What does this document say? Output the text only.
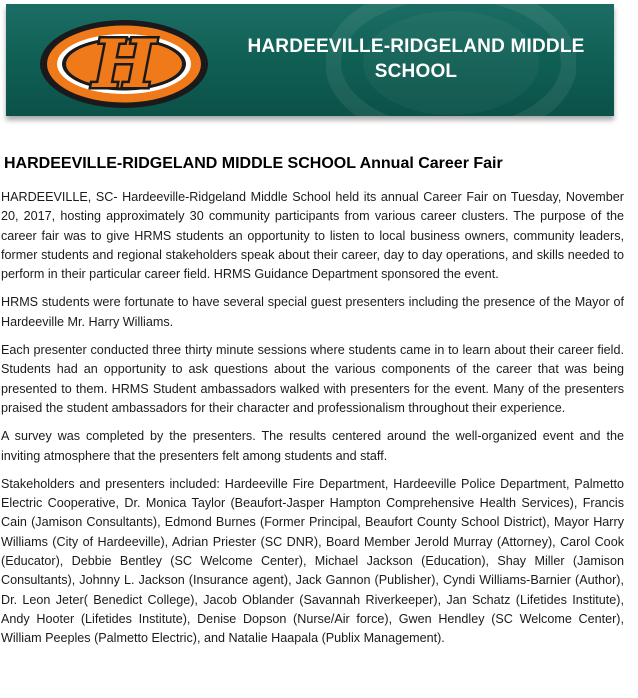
H	HARDEEVILLE-RIDGELAND MIDDLE
SCHOOL
HARDEEVILLE-RIDGELAND MIDDLE SCHOOL Annual Career Fair

HARDEEVILLE, SC- Hardeeville-Ridgeland Middle School held its annual Career Fair on Tuesday, November 20, 2017, hosting approximately 30 community participants from various career clusters. The purpose of the career fair was to give HRMS students an opportunity to listen to local business owners, community leaders, former students and regional stakeholders speak about their career, day to day operations, and skills needed to perform in their particular career field. HRMS Guidance Department sponsored the event.

HRMS students were fortunate to have several special guest presenters including the presence of the Mayor of Hardeeville Mr. Harry Williams.

Each presenter conducted three thirty minute sessions where students came in to learn about their career field. Students had an opportunity to ask questions about the various components of the career that was being presented to them. HRMS Student ambassadors walked with presenters for the event. Many of the presenters praised the student ambassadors for their character and professionalism throughout their experience.

A survey was completed by the presenters. The results centered around the well-organized event and the inviting atmosphere that the presenters felt among students and staff.

Stakeholders and presenters included: Hardeeville Fire Department, Hardeeville Police Department, Palmetto Electric Cooperative, Dr. Monica Taylor (Beaufort-Jasper Hampton Comprehensive Health Services), Francis Cain (Jamison Consultants), Edmond Burnes (Former Principal, Beaufort County School District), Mayor Harry Williams (City of Hardeeville), Adrian Priester (SC DNR), Board Member Jerold Murray (Attorney), Carol Cook (Educator), Debbie Bentley (SC Welcome Center), Michael Jackson (Education), Shay Miller (Jamison Consultants), Johnny L. Jackson (Insurance agent), Jack Gannon (Publisher), Cyndi Williams-Barnier (Author), Dr. Leon Jeter( Benedict College), Jacob Oblander (Savannah Riverkeeper), Jan Schatz (Lifetides Institute), Andy Hooter (Lifetides Institute), Denise Dopson (Nurse/Air force), Gwen Hendley (SC Welcome Center), William Peeples (Palmetto Electric), and Natalie Haapala (Publix Management).
